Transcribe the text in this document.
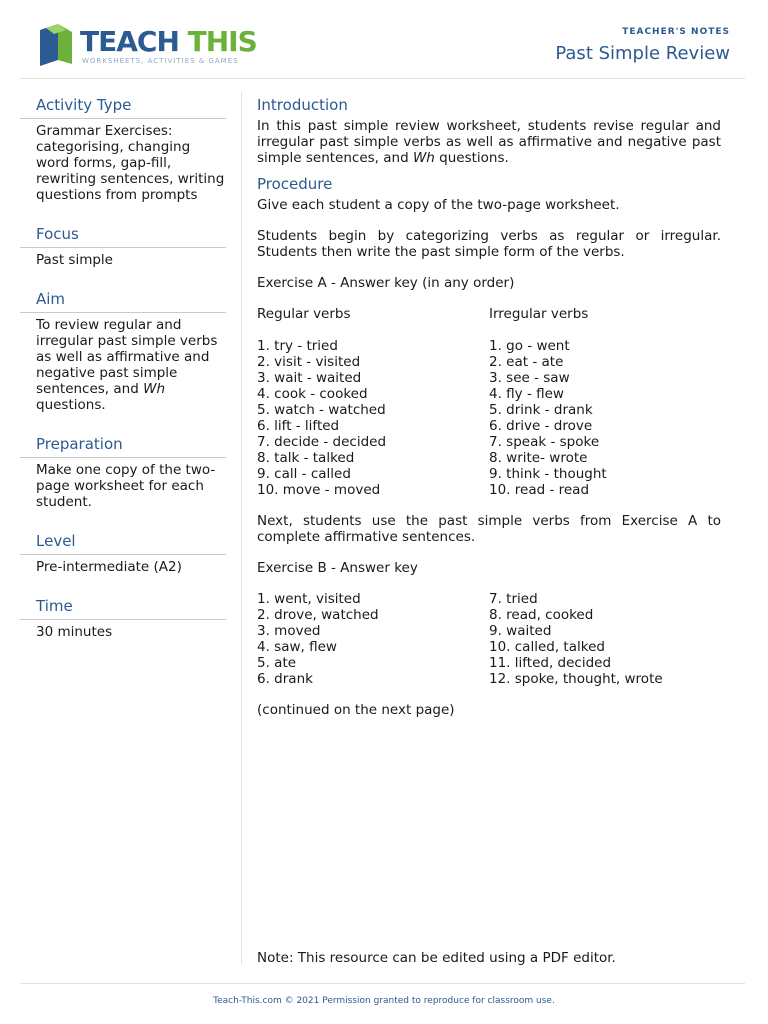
TEACH THIS
WORKSHEETS, ACTIVITIES & GAMES
TEACHER'S NOTES
Past Simple Review
Activity Type
Grammar Exercises: categorising, changing word forms, gap-fill, rewriting sentences, writing questions from prompts
Focus
Past simple
Aim
To review regular and irregular past simple verbs as well as affirmative and negative past simple sentences, and Wh questions.
Preparation
Make one copy of the two-page worksheet for each student.
Level
Pre-intermediate (A2)
Time
30 minutes
Introduction

In this past simple review worksheet, students revise regular and irregular past simple verbs as well as affirmative and negative past simple sentences, and Wh questions.

Procedure

Give each student a copy of the two-page worksheet.

Students begin by categorizing verbs as regular or irregular. Students then write the past simple form of the verbs.

Exercise A - Answer key (in any order)

Regular verbs
1. try - tried
2. visit - visited
3. wait - waited
4. cook - cooked
5. watch - watched
6. lift - lifted
7. decide - decided
8. talk - talked
9. call - called
10. move - moved
Irregular verbs
1. go - went
2. eat - ate
3. see - saw
4. fly - flew
5. drink - drank
6. drive - drove
7. speak - spoke
8. write- wrote
9. think - thought
10. read - read

Next, students use the past simple verbs from Exercise A to complete affirmative sentences.

Exercise B - Answer key

1. went, visited
2. drove, watched
3. moved
4. saw, flew
5. ate
6. drank
7. tried
8. read, cooked
9. waited
10. called, talked
11. lifted, decided
12. spoke, thought, wrote

(continued on the next page)

Note: This resource can be edited using a PDF editor.
Teach-This.com © 2021 Permission granted to reproduce for classroom use.
